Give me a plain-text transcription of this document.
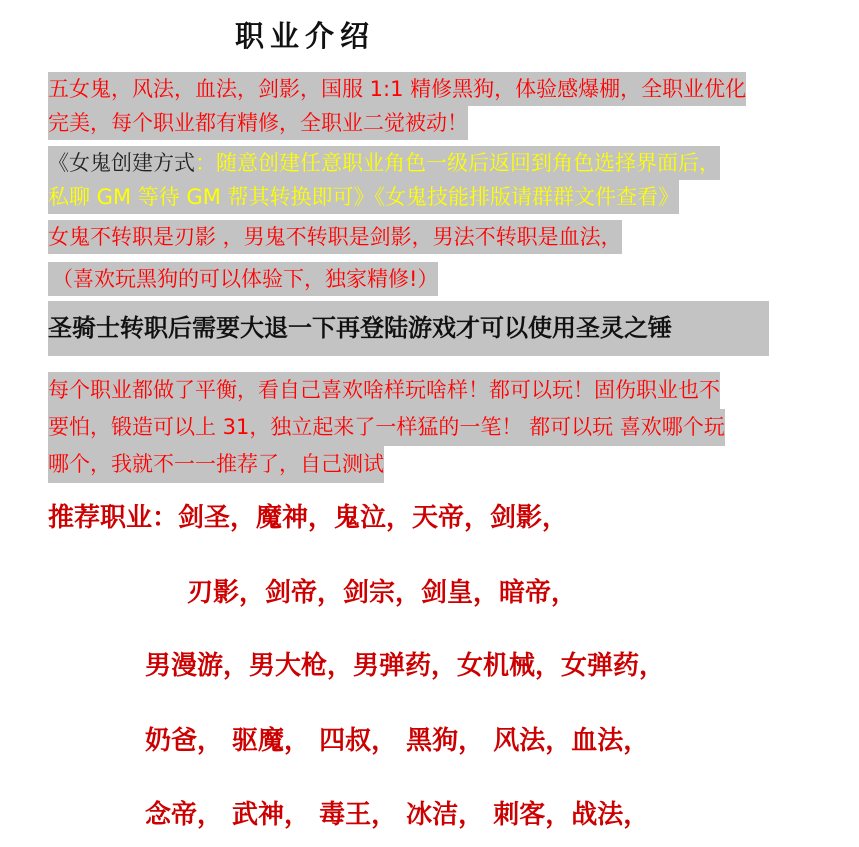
职业介绍
五女鬼，风法，血法，剑影，国服 1:1 精修黑狗，体验感爆棚，全职业优化
完美，每个职业都有精修，全职业二觉被动！
《女鬼创建方式：随意创建任意职业角色一级后返回到角色选择界面后，
私聊 GM 等待 GM 帮其转换即可》《女鬼技能排版请群群文件查看》
女鬼不转职是刃影 ，男鬼不转职是剑影，男法不转职是血法，
（喜欢玩黑狗的可以体验下，独家精修!）
圣骑士转职后需要大退一下再登陆游戏才可以使用圣灵之锤
每个职业都做了平衡，看自己喜欢啥样玩啥样！都可以玩！固伤职业也不
要怕，锻造可以上 31，独立起来了一样猛的一笔！ 都可以玩 喜欢哪个玩
哪个，我就不一一推荐了，自己测试
推荐职业：剑圣，魔神，鬼泣，天帝，剑影，
刃影，剑帝，剑宗，剑皇，暗帝，
男漫游，男大枪，男弹药，女机械，女弹药，
奶爸， 驱魔， 四叔， 黑狗， 风法，血法，
念帝， 武神， 毒王， 冰洁， 刺客，战法，
